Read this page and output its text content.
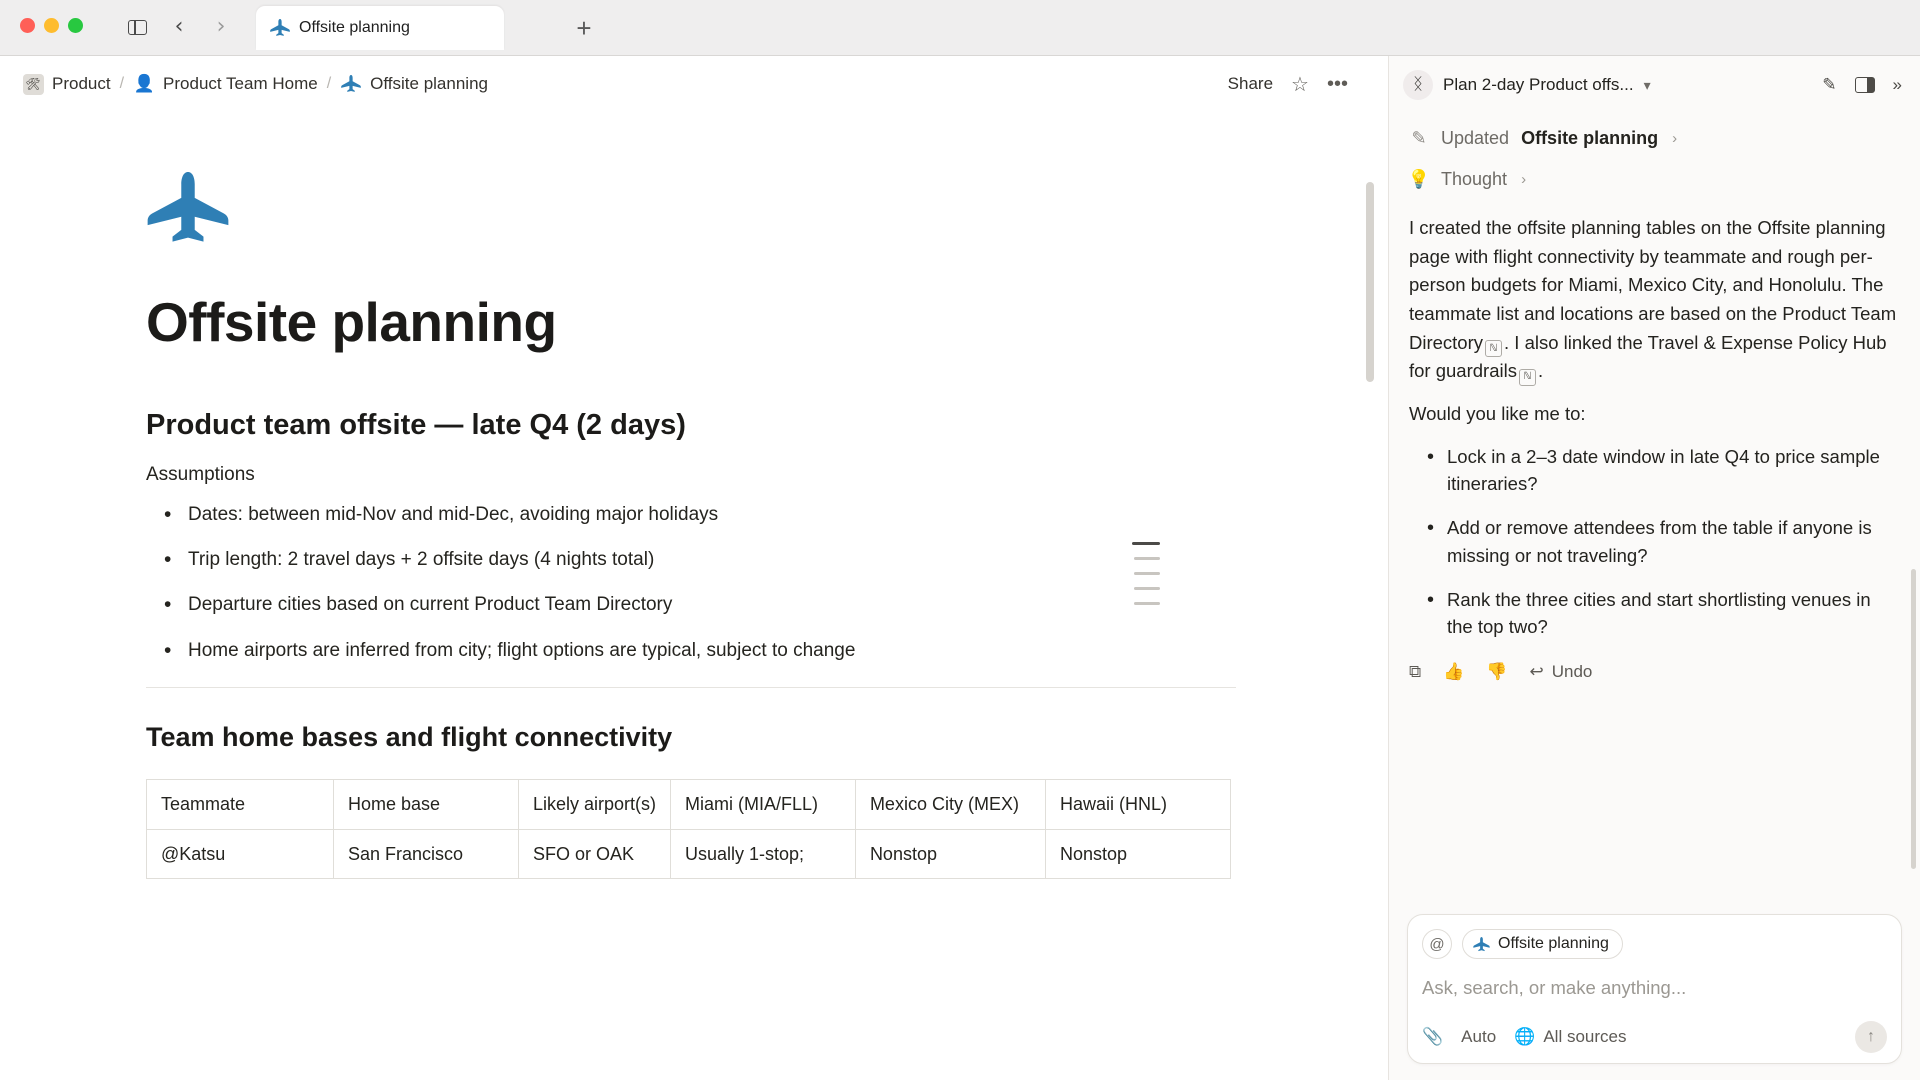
‹ ›	Offsite planning	+
🛠 Product / 👤 Product Team Home / Offsite planning	Share ☆ •••
Offsite planning
Product team offsite — late Q4 (2 days)

Assumptions

• Dates: between mid-Nov and mid-Dec, avoiding major holidays
• Trip length: 2 travel days + 2 offsite days (4 nights total)
• Departure cities based on current Product Team Directory
• Home airports are inferred from city; flight options are typical, subject to change
Team home bases and flight connectivity
Teammate	Home base	Likely airport(s)	Miami (MIA/FLL)	Mexico City (MEX)	Hawaii (HNL)
@Katsu	San Francisco	SFO or OAK	Usually 1-stop;	Nonstop	Nonstop
ᛝ	Plan 2-day Product offs... ▾	✎	»
✎ Updated Offsite planning ›
💡 Thought ›

I created the offsite planning tables on the Offsite planning page with flight connectivity by teammate and rough per-person budgets for Miami, Mexico City, and Honolulu. The teammate list and locations are based on the Product Team Directory ℕ . I also linked the Travel & Expense Policy Hub for guardrails ℕ .

Would you like me to:

• Lock in a 2–3 date window in late Q4 to price sample itineraries?
• Add or remove attendees from the table if anyone is missing or not traveling?
• Rank the three cities and start shortlisting venues in the top two?
⧉ 👍 👎 ↩ Undo
@	Offsite planning
Ask, search, or make anything...
📎 Auto 🌐 All sources	↑
